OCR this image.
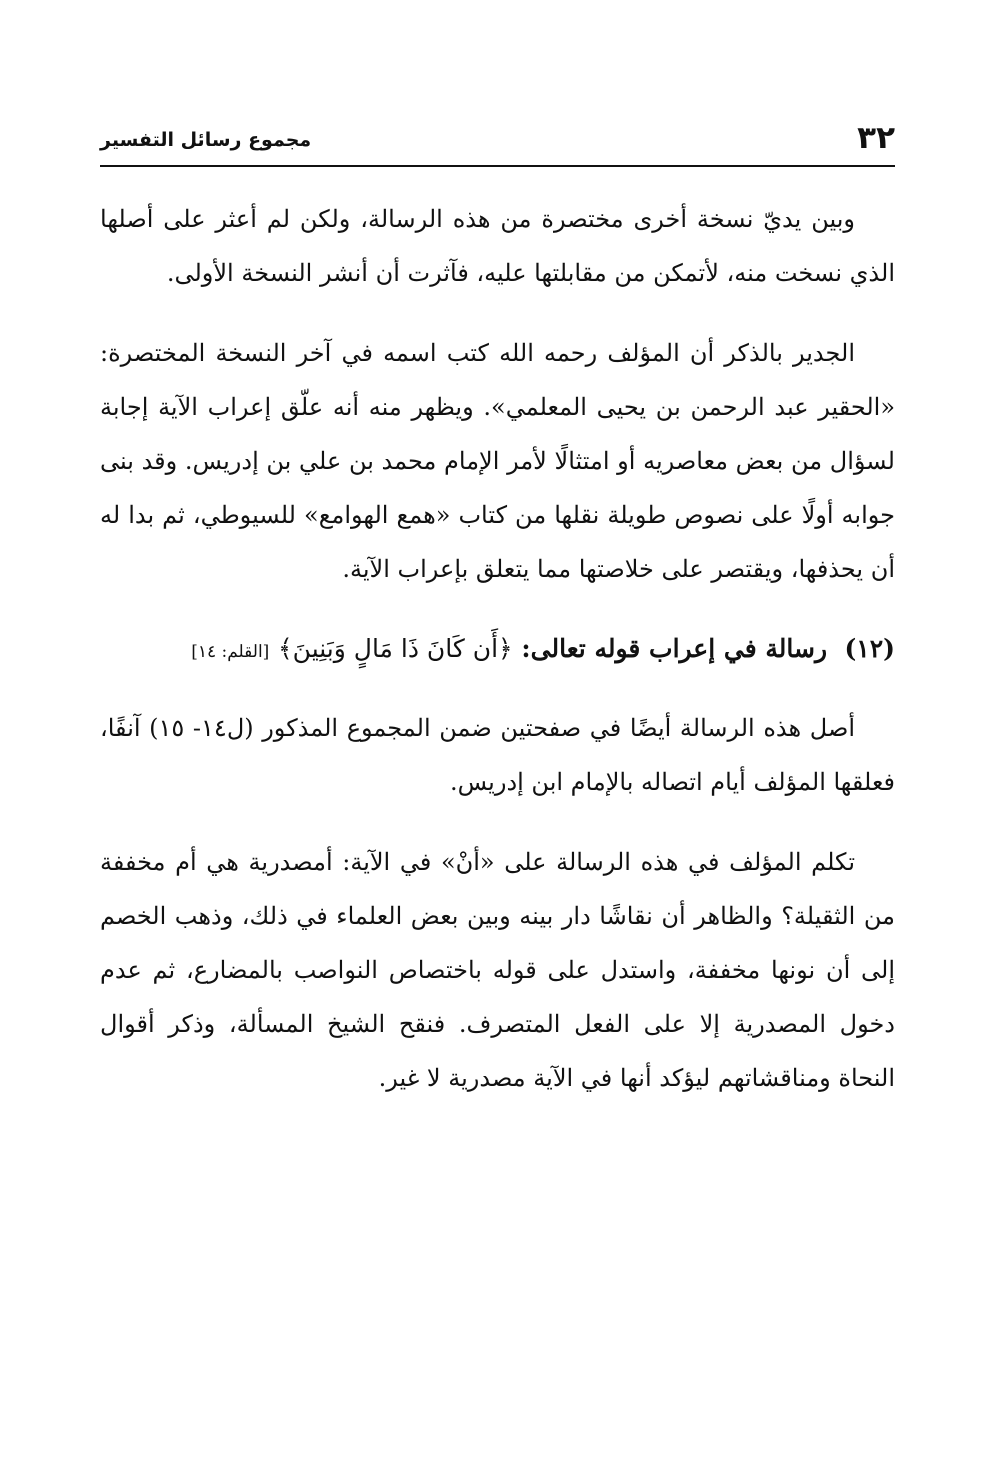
٣٢
مجموع رسائل التفسير

وبين يديّ نسخة أخرى مختصرة من هذه الرسالة، ولكن لم أعثر على أصلها الذي نسخت منه، لأتمكن من مقابلتها عليه، فآثرت أن أنشر النسخة الأولى.

الجدير بالذكر أن المؤلف رحمه الله كتب اسمه في آخر النسخة المختصرة: «الحقير عبد الرحمن بن يحيى المعلمي». ويظهر منه أنه علّق إعراب الآية إجابة لسؤال من بعض معاصريه أو امتثالًا لأمر الإمام محمد بن علي بن إدريس. وقد بنى جوابه أولًا على نصوص طويلة نقلها من كتاب «همع الهوامع» للسيوطي، ثم بدا له أن يحذفها، ويقتصر على خلاصتها مما يتعلق بإعراب الآية.

(١٢)  رسالة في إعراب قوله تعالى: ﴿أَن كَانَ ذَا مَالٍ وَبَنِينَ﴾ [القلم: ١٤]

أصل هذه الرسالة أيضًا في صفحتين ضمن المجموع المذكور (ل١٤- ١٥) آنفًا، فعلقها المؤلف أيام اتصاله بالإمام ابن إدريس.

تكلم المؤلف في هذه الرسالة على «أنْ» في الآية: أمصدرية هي أم مخففة من الثقيلة؟ والظاهر أن نقاشًا دار بينه وبين بعض العلماء في ذلك، وذهب الخصم إلى أن نونها مخففة، واستدل على قوله باختصاص النواصب بالمضارع، ثم عدم دخول المصدرية إلا على الفعل المتصرف. فنقح الشيخ المسألة، وذكر أقوال النحاة ومناقشاتهم ليؤكد أنها في الآية مصدرية لا غير.
